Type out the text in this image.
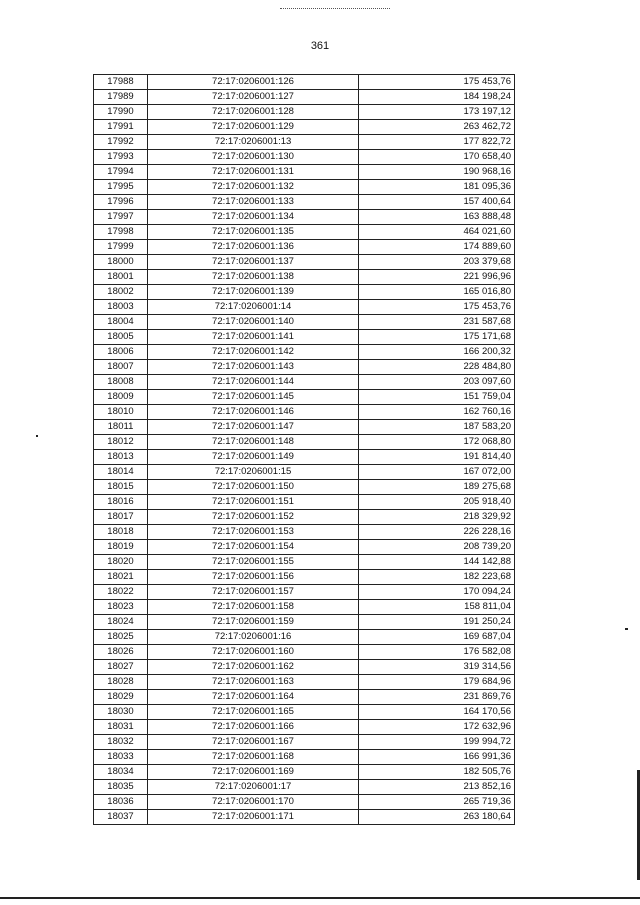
361
17988	72:17:0206001:126	175 453,76
17989	72:17:0206001:127	184 198,24
17990	72:17:0206001:128	173 197,12
17991	72:17:0206001:129	263 462,72
17992	72:17:0206001:13	177 822,72
17993	72:17:0206001:130	170 658,40
17994	72:17:0206001:131	190 968,16
17995	72:17:0206001:132	181 095,36
17996	72:17:0206001:133	157 400,64
17997	72:17:0206001:134	163 888,48
17998	72:17:0206001:135	464 021,60
17999	72:17:0206001:136	174 889,60
18000	72:17:0206001:137	203 379,68
18001	72:17:0206001:138	221 996,96
18002	72:17:0206001:139	165 016,80
18003	72:17:0206001:14	175 453,76
18004	72:17:0206001:140	231 587,68
18005	72:17:0206001:141	175 171,68
18006	72:17:0206001:142	166 200,32
18007	72:17:0206001:143	228 484,80
18008	72:17:0206001:144	203 097,60
18009	72:17:0206001:145	151 759,04
18010	72:17:0206001:146	162 760,16
18011	72:17:0206001:147	187 583,20
18012	72:17:0206001:148	172 068,80
18013	72:17:0206001:149	191 814,40
18014	72:17:0206001:15	167 072,00
18015	72:17:0206001:150	189 275,68
18016	72:17:0206001:151	205 918,40
18017	72:17:0206001:152	218 329,92
18018	72:17:0206001:153	226 228,16
18019	72:17:0206001:154	208 739,20
18020	72:17:0206001:155	144 142,88
18021	72:17:0206001:156	182 223,68
18022	72:17:0206001:157	170 094,24
18023	72:17:0206001:158	158 811,04
18024	72:17:0206001:159	191 250,24
18025	72:17:0206001:16	169 687,04
18026	72:17:0206001:160	176 582,08
18027	72:17:0206001:162	319 314,56
18028	72:17:0206001:163	179 684,96
18029	72:17:0206001:164	231 869,76
18030	72:17:0206001:165	164 170,56
18031	72:17:0206001:166	172 632,96
18032	72:17:0206001:167	199 994,72
18033	72:17:0206001:168	166 991,36
18034	72:17:0206001:169	182 505,76
18035	72:17:0206001:17	213 852,16
18036	72:17:0206001:170	265 719,36
18037	72:17:0206001:171	263 180,64
